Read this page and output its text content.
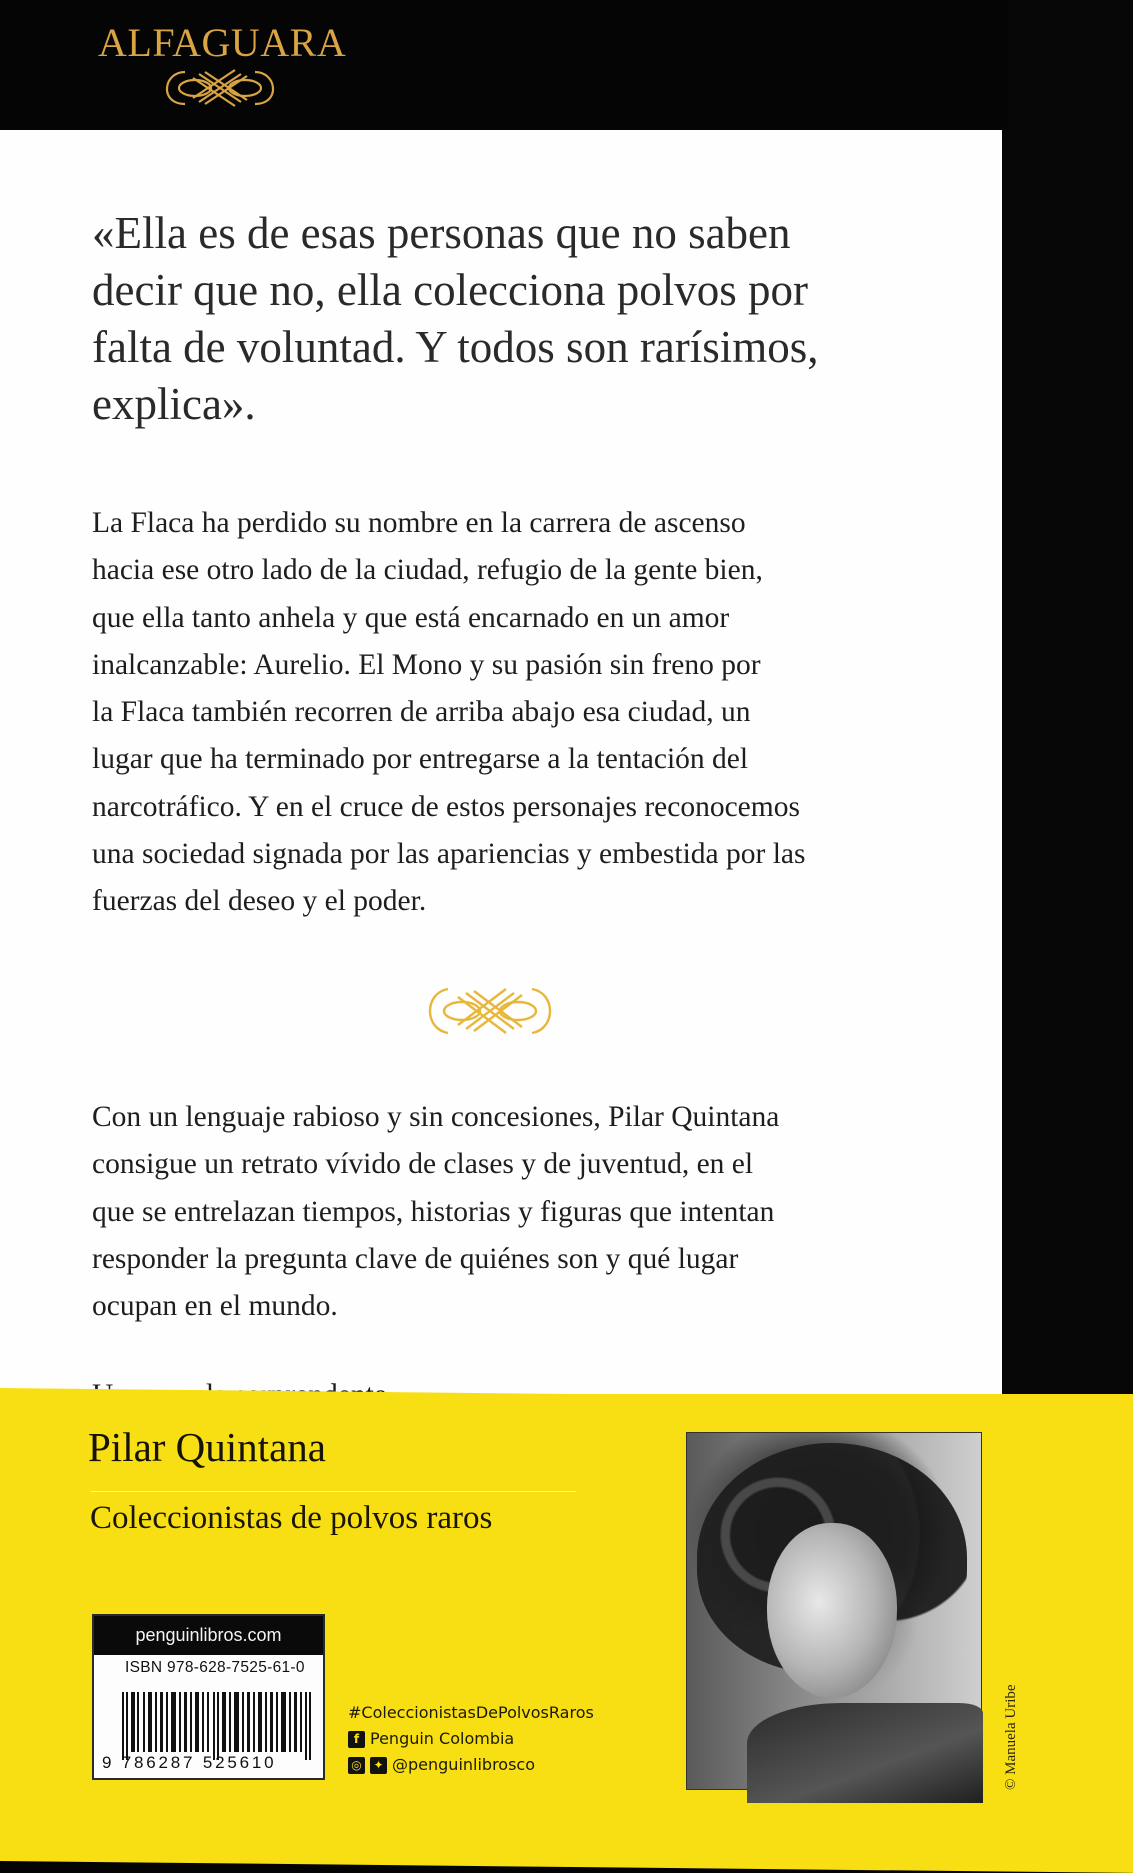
ALFAGUARA
«Ella es de esas personas que no saben
decir que no, ella colecciona polvos por
falta de voluntad. Y todos son rarísimos,
explica».
La Flaca ha perdido su nombre en la carrera de ascenso
hacia ese otro lado de la ciudad, refugio de la gente bien,
que ella tanto anhela y que está encarnado en un amor
inalcanzable: Aurelio. El Mono y su pasión sin freno por
la Flaca también recorren de arriba abajo esa ciudad, un
lugar que ha terminado por entregarse a la tentación del
narcotráfico. Y en el cruce de estos personajes reconocemos
una sociedad signada por las apariencias y embestida por las
fuerzas del deseo y el poder.
Con un lenguaje rabioso y sin concesiones, Pilar Quintana
consigue un retrato vívido de clases y de juventud, en el
que se entrelazan tiempos, historias y figuras que intentan
responder la pregunta clave de quiénes son y qué lugar
ocupan en el mundo.
Pilar Quintana
Coleccionistas de polvos raros
penguinlibros.com
ISBN 978-628-7525-61-0
9 786287 525610
#ColeccionistasDePolvosRaros
f Penguin Colombia
◎ ✦ @penguinlibrosco	© Manuela Uribe
